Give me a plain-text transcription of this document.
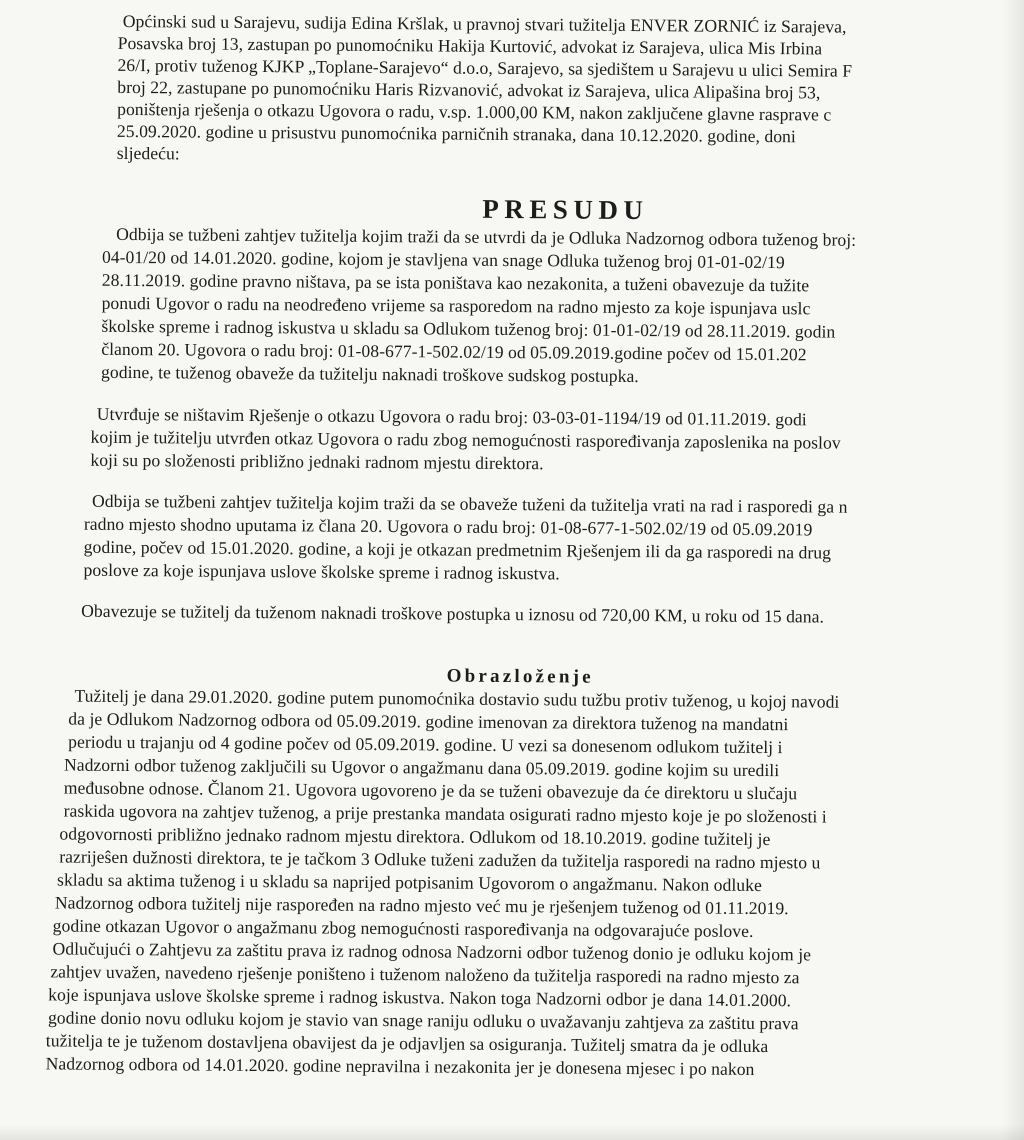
Općinski sud u Sarajevu, sudija Edina Kršlak, u pravnoj stvari tužitelja ENVER ZORNIĆ iz Sarajeva,
Posavska broj 13, zastupan po punomoćniku Hakija Kurtović, advokat iz Sarajeva, ulica Mis Irbina
26/I, protiv tuženog KJKP „Toplane-Sarajevo“ d.o.o, Sarajevo, sa sjedištem u Sarajevu u ulici Semira F
broj 22, zastupane po punomoćniku Haris Rizvanović, advokat iz Sarajeva, ulica Alipašina broj 53,
poništenja rješenja o otkazu Ugovora o radu, v.sp. 1.000,00 KM, nakon zaključene glavne rasprave c
25.09.2020. godine u prisustvu punomoćnika parničnih stranaka, dana 10.12.2020. godine, doni
sljedeću:
PRESUDU
Odbija se tužbeni zahtjev tužitelja kojim traži da se utvrdi da je Odluka Nadzornog odbora tuženog broj:
04-01/20 od 14.01.2020. godine, kojom je stavljena van snage Odluka tuženog broj 01-01-02/19
28.11.2019. godine pravno ništava, pa se ista poništava kao nezakonita, a tuženi obavezuje da tužite
ponudi Ugovor o radu na neodređeno vrijeme sa rasporedom na radno mjesto za koje ispunjava uslc
školske spreme i radnog iskustva u skladu sa Odlukom tuženog broj: 01-01-02/19 od 28.11.2019. godin
članom 20. Ugovora o radu broj: 01-08-677-1-502.02/19 od 05.09.2019.godine počev od 15.01.202
godine, te tuženog obaveže da tužitelju naknadi troškove sudskog postupka.
Utvrđuje se ništavim Rješenje o otkazu Ugovora o radu broj: 03-03-01-1194/19 od 01.11.2019. godi
kojim je tužitelju utvrđen otkaz Ugovora o radu zbog nemogućnosti raspoređivanja zaposlenika na poslov
koji su po složenosti približno jednaki radnom mjestu direktora.
Odbija se tužbeni zahtjev tužitelja kojim traži da se obaveže tuženi da tužitelja vrati na rad i rasporedi ga n
radno mjesto shodno uputama iz člana 20. Ugovora o radu broj: 01-08-677-1-502.02/19 od 05.09.2019
godine, počev od 15.01.2020. godine, a koji je otkazan predmetnim Rješenjem ili da ga rasporedi na drug
poslove za koje ispunjava uslove školske spreme i radnog iskustva.
Obavezuje se tužitelj da tuženom naknadi troškove postupka u iznosu od 720,00 KM, u roku od 15 dana.
Obrazloženje
Tužitelj je dana 29.01.2020. godine putem punomoćnika dostavio sudu tužbu protiv tuženog, u kojoj navodi
da je Odlukom Nadzornog odbora od 05.09.2019. godine imenovan za direktora tuženog na mandatni
periodu u trajanju od 4 godine počev od 05.09.2019. godine. U vezi sa donesenom odlukom tužitelj i
Nadzorni odbor tuženog zaključili su Ugovor o angažmanu dana 05.09.2019. godine kojim su uredili
međusobne odnose. Članom 21. Ugovora ugovoreno je da se tuženi obavezuje da će direktoru u slučaju
raskida ugovora na zahtjev tuženog, a prije prestanka mandata osigurati radno mjesto koje je po složenosti i
odgovornosti približno jednako radnom mjestu direktora. Odlukom od 18.10.2019. godine tužitelj je
razrijeŝen dužnosti direktora, te je tačkom 3 Odluke tuženi zadužen da tužitelja rasporedi na radno mjesto u
skladu sa aktima tuženog i u skladu sa naprijed potpisanim Ugovorom o angažmanu. Nakon odluke
Nadzornog odbora tužitelj nije raspoređen na radno mjesto već mu je rješenjem tuženog od 01.11.2019.
godine otkazan Ugovor o angažmanu zbog nemogućnosti raspoređivanja na odgovarajuće poslove.
Odlučujući o Zahtjevu za zaštitu prava iz radnog odnosa Nadzorni odbor tuženog donio je odluku kojom je
zahtjev uvažen, navedeno rješenje poništeno i tuženom naloženo da tužitelja rasporedi na radno mjesto za
koje ispunjava uslove školske spreme i radnog iskustva. Nakon toga Nadzorni odbor je dana 14.01.2000.
godine donio novu odluku kojom je stavio van snage raniju odluku o uvažavanju zahtjeva za zaštitu prava
tužitelja te je tuženom dostavljena obavijest da je odjavljen sa osiguranja. Tužitelj smatra da je odluka
Nadzornog odbora od 14.01.2020. godine nepravilna i nezakonita jer je donesena mjesec i po nakon
